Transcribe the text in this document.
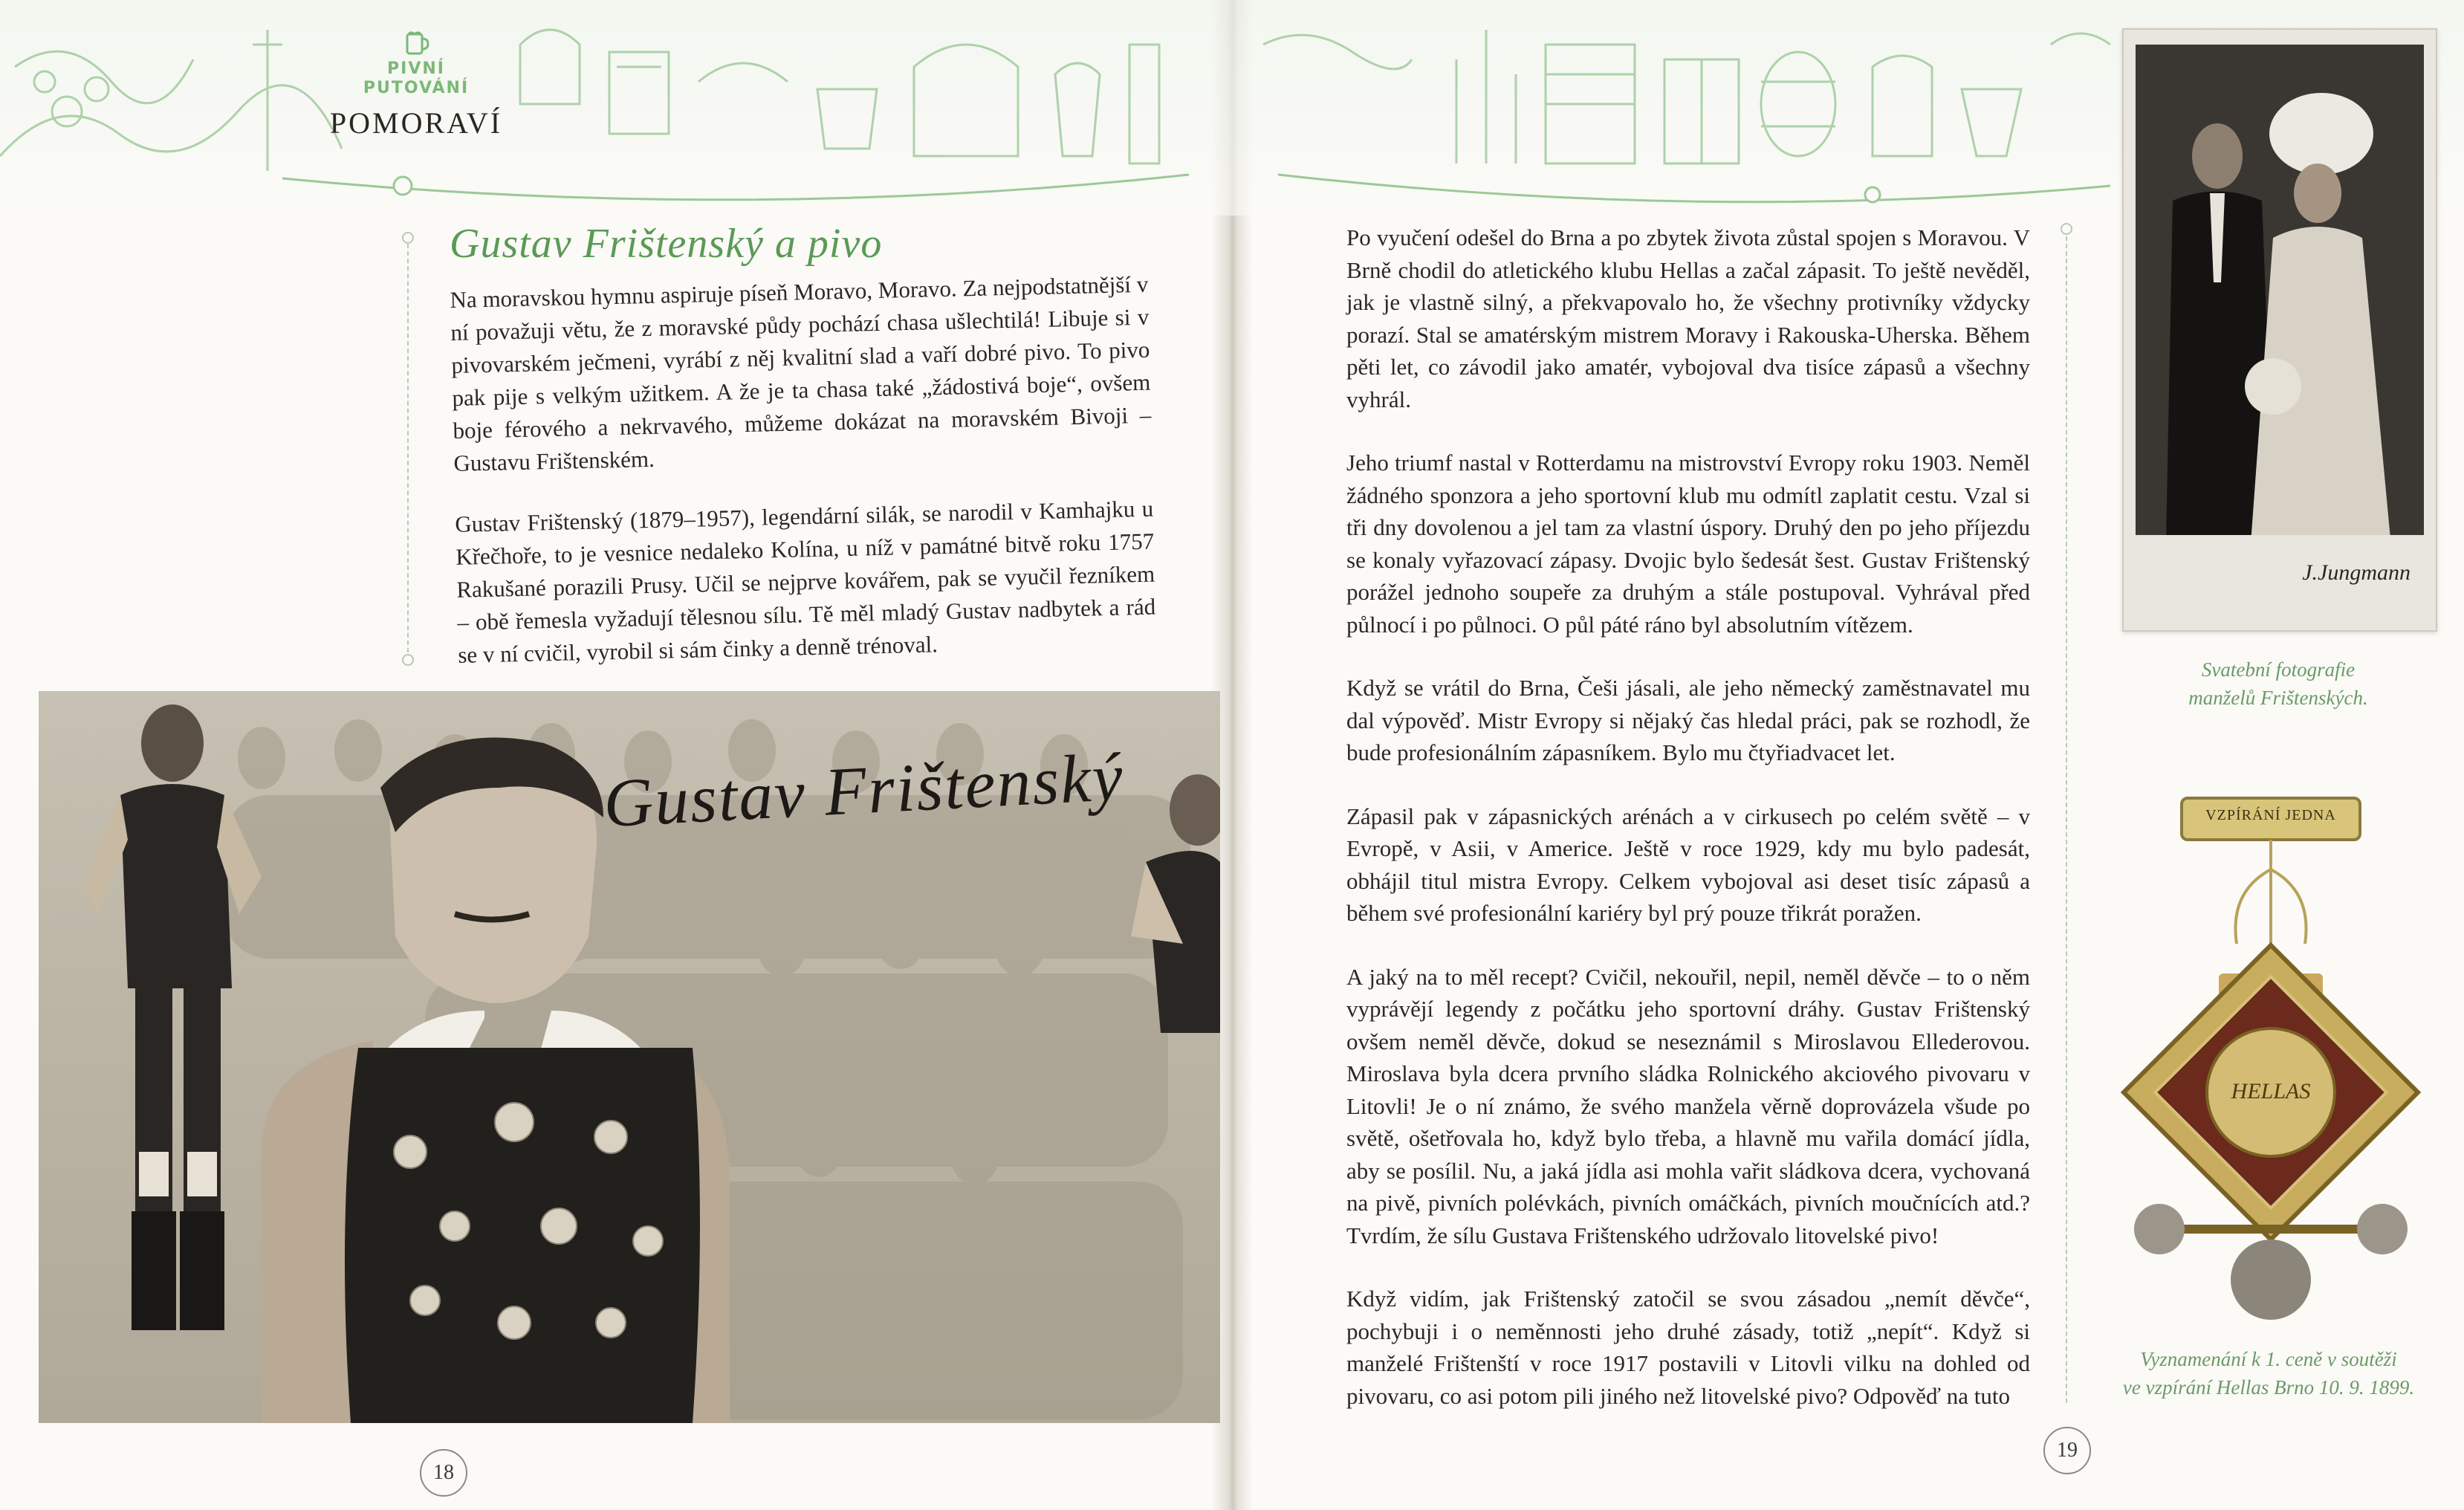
PIVNÍ
PUTOVÁNÍ
POMORAVÍ
Gustav Frištenský a pivo

Na moravskou hymnu aspiruje píseň Moravo, Moravo. Za nejpodstatnější v ní považuji větu, že z moravské půdy pochází chasa ušlechtilá! Libuje si v pivovarském ječmeni, vyrábí z něj kvalitní slad a vaří dobré pivo. To pivo pak pije s velkým užitkem. A že je ta chasa také „žádostivá boje“, ovšem boje férového a nekrvavého, můžeme dokázat na moravském Bivoji – Gustavu Frištenském.

Gustav Frištenský (1879–1957), legendární silák, se narodil v Kamhajku u Křečhoře, to je vesnice nedaleko Kolína, u níž v památné bitvě roku 1757 Rakušané porazili Prusy. Učil se nejprve kovářem, pak se vyučil řezníkem – obě řemesla vyžadují tělesnou sílu. Tě měl mladý Gustav nadbytek a rád se v ní cvičil, vyrobil si sám činky a denně trénoval.

Gustav Frištenský
18

Po vyučení odešel do Brna a po zbytek života zůstal spojen s Moravou. V Brně chodil do atletického klubu Hellas a začal zápasit. To ještě nevěděl, jak je vlastně silný, a překvapovalo ho, že všechny protivníky vždycky porazí. Stal se amatérským mistrem Moravy i Rakouska-Uherska. Během pěti let, co závodil jako amatér, vybojoval dva tisíce zápasů a všechny vyhrál.

Jeho triumf nastal v Rotterdamu na mistrovství Evropy roku 1903. Neměl žádného sponzora a jeho sportovní klub mu odmítl zaplatit cestu. Vzal si tři dny dovolenou a jel tam za vlastní úspory. Druhý den po jeho příjezdu se konaly vyřazovací zápasy. Dvojic bylo šedesát šest. Gustav Frištenský porážel jednoho soupeře za druhým a stále postupoval. Vyhrával před půlnocí i po půlnoci. O půl páté ráno byl absolutním vítězem.

Když se vrátil do Brna, Češi jásali, ale jeho německý zaměstnavatel mu dal výpověď. Mistr Evropy si nějaký čas hledal práci, pak se rozhodl, že bude profesionálním zápasníkem. Bylo mu čtyřiadvacet let.

Zápasil pak v zápasnických arénách a v cirkusech po celém světě – v Evropě, v Asii, v Americe. Ještě v roce 1929, kdy mu bylo padesát, obhájil titul mistra Evropy. Celkem vybojoval asi deset tisíc zápasů a během své profesionální kariéry byl prý pouze třikrát poražen.

A jaký na to měl recept? Cvičil, nekouřil, nepil, neměl děvče – to o něm vyprávějí legendy z počátku jeho sportovní dráhy. Gustav Frištenský ovšem neměl děvče, dokud se neseznámil s Miroslavou Ellederovou. Miroslava byla dcera prvního sládka Rolnického akciového pivovaru v Litovli! Je o ní známo, že svého manžela věrně doprovázela všude po světě, ošetřovala ho, když bylo třeba, a hlavně mu vařila domácí jídla, aby se posílil. Nu, a jaká jídla asi mohla vařit sládkova dcera, vychovaná na pivě, pivních polévkách, pivních omáčkách, pivních moučnících atd.? Tvrdím, že sílu Gustava Frištenského udržovalo litovelské pivo!

Když vidím, jak Frištenský zatočil se svou zásadou „nemít děvče“, pochybuji i o neměnnosti jeho druhé zásady, totiž „nepít“. Když si manželé Frištenští v roce 1917 postavili v Litovli vilku na dohled od pivovaru, co asi potom pili jiného než litovelské pivo? Odpověď na tuto

J.Jungmann
Svatební fotografie
manželů Frištenských.
VZPÍRÁNÍ JEDNA
HELLAS
Vyznamenání k 1. ceně v soutěži
ve vzpírání Hellas Brno 10. 9. 1899.
19
